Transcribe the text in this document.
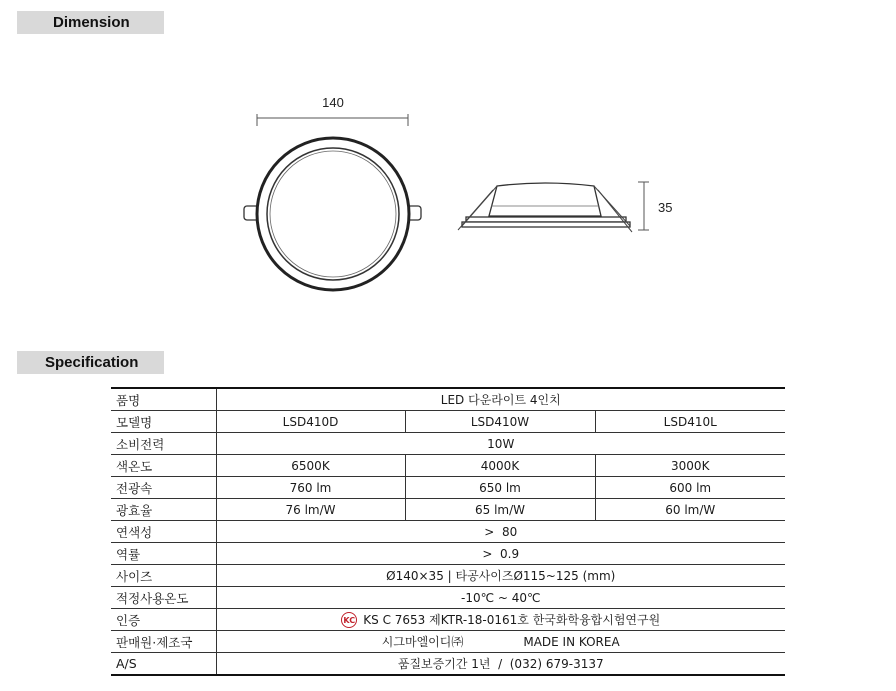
Dimension
140
35
Specification
품명	LED 다운라이트 4인치		
모델명	LSD410D	LSD410W	LSD410L
소비전력	10W		
색온도	6500K	4000K	3000K
전광속	760 lm	650 lm	600 lm
광효율	76 lm/W	65 lm/W	60 lm/W
연색성	>  80		
역률	>  0.9		
사이즈	Ø140×35 | 타공사이즈Ø115~125 (mm)		
적정사용온도	-10℃ ~ 40℃		
인증	KC KS C 7653 제KTR-18-0161호 한국화학융합시험연구원		
판매원·제조국	시그마엘이디㈜ MADE IN KOREA		
A/S	품질보증기간 1년  /  (032) 679-3137		
